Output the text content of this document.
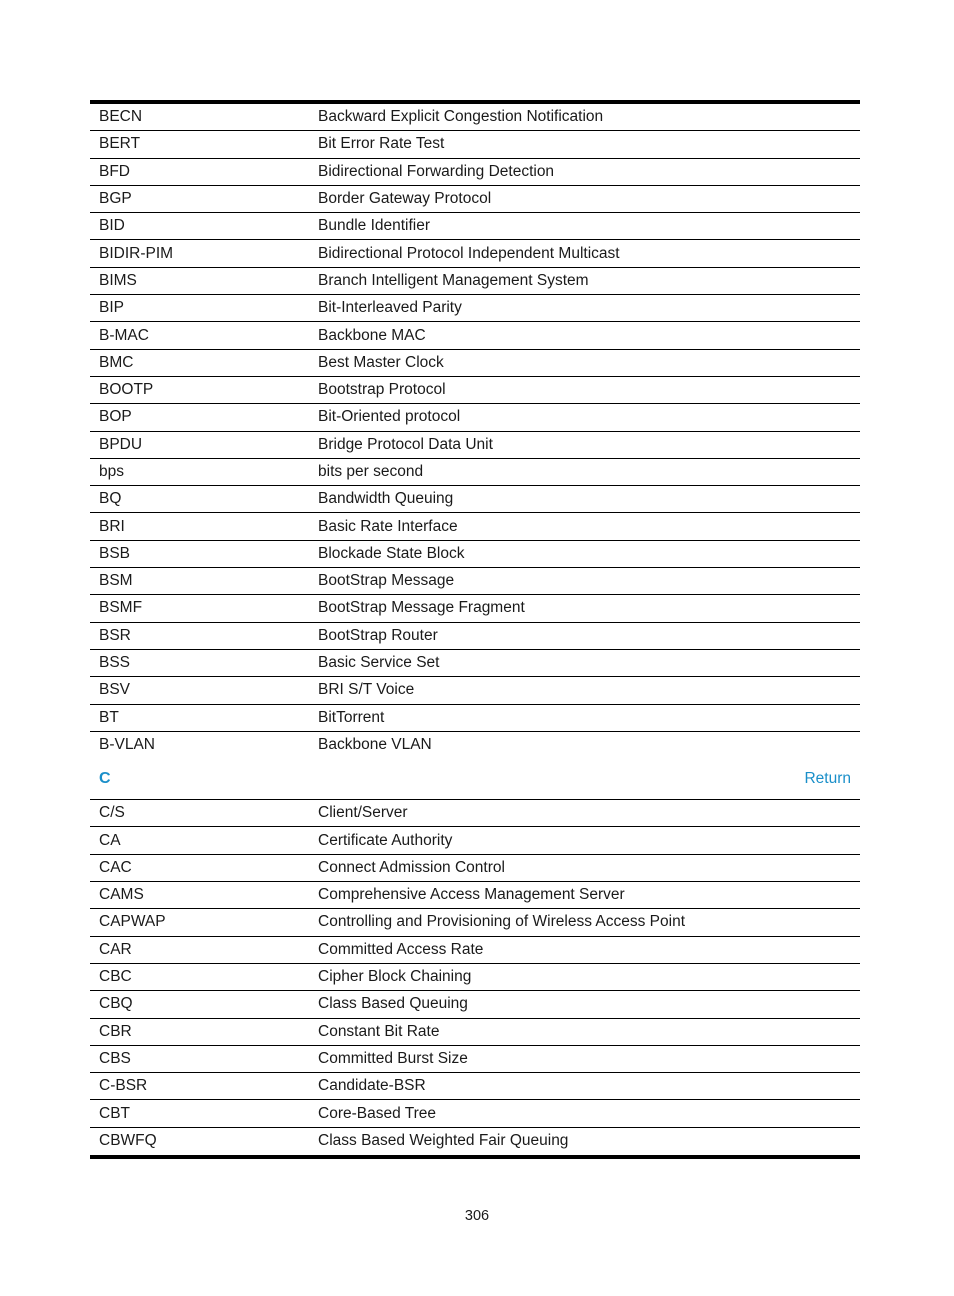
BECN	Backward Explicit Congestion Notification
BERT	Bit Error Rate Test
BFD	Bidirectional Forwarding Detection
BGP	Border Gateway Protocol
BID	Bundle Identifier
BIDIR-PIM	Bidirectional Protocol Independent Multicast
BIMS	Branch Intelligent Management System
BIP	Bit-Interleaved Parity
B-MAC	Backbone MAC
BMC	Best Master Clock
BOOTP	Bootstrap Protocol
BOP	Bit-Oriented protocol
BPDU	Bridge Protocol Data Unit
bps	bits per second
BQ	Bandwidth Queuing
BRI	Basic Rate Interface
BSB	Blockade State Block
BSM	BootStrap Message
BSMF	BootStrap Message Fragment
BSR	BootStrap Router
BSS	Basic Service Set
BSV	BRI S/T Voice
BT	BitTorrent
B-VLAN	Backbone VLAN
C	Return
C/S	Client/Server
CA	Certificate Authority
CAC	Connect Admission Control
CAMS	Comprehensive Access Management Server
CAPWAP	Controlling and Provisioning of Wireless Access Point
CAR	Committed Access Rate
CBC	Cipher Block Chaining
CBQ	Class Based Queuing
CBR	Constant Bit Rate
CBS	Committed Burst Size
C-BSR	Candidate-BSR
CBT	Core-Based Tree
CBWFQ	Class Based Weighted Fair Queuing
306
